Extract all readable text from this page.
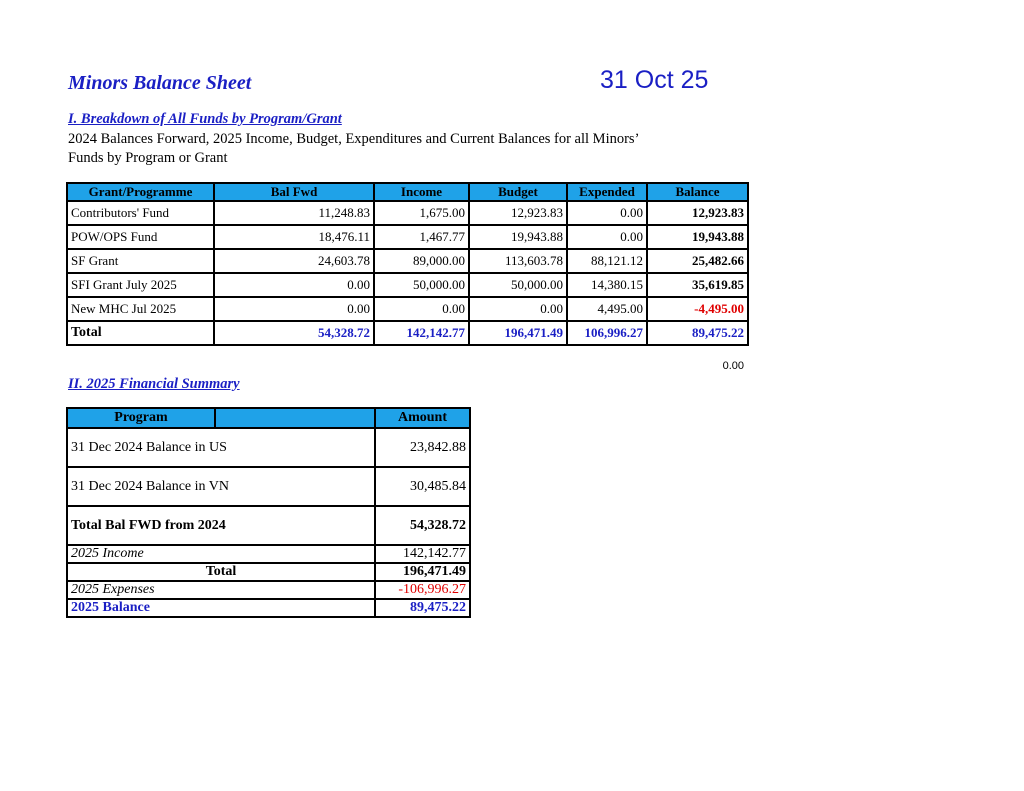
Minors Balance Sheet	31 Oct 25
I. Breakdown of All Funds by Program/Grant
2024 Balances Forward, 2025 Income, Budget, Expenditures and Current Balances for all Minors’
Funds by Program or Grant
Grant/Programme	Bal Fwd	Income	Budget	Expended	Balance
Contributors' Fund	11,248.83	1,675.00	12,923.83	0.00	12,923.83
POW/OPS Fund	18,476.11	1,467.77	19,943.88	0.00	19,943.88
SF Grant	24,603.78	89,000.00	113,603.78	88,121.12	25,482.66
SFI Grant July 2025	0.00	50,000.00	50,000.00	14,380.15	35,619.85
New MHC Jul 2025	0.00	0.00	0.00	4,495.00	-4,495.00
Total	54,328.72	142,142.77	196,471.49	106,996.27	89,475.22
0.00
II. 2025 Financial Summary
Program		Amount
31 Dec 2024 Balance in US		23,842.88
31 Dec 2024 Balance in VN		30,485.84
Total Bal FWD from 2024		54,328.72
2025 Income		142,142.77
Total		196,471.49
2025 Expenses		-106,996.27
2025 Balance		89,475.22
